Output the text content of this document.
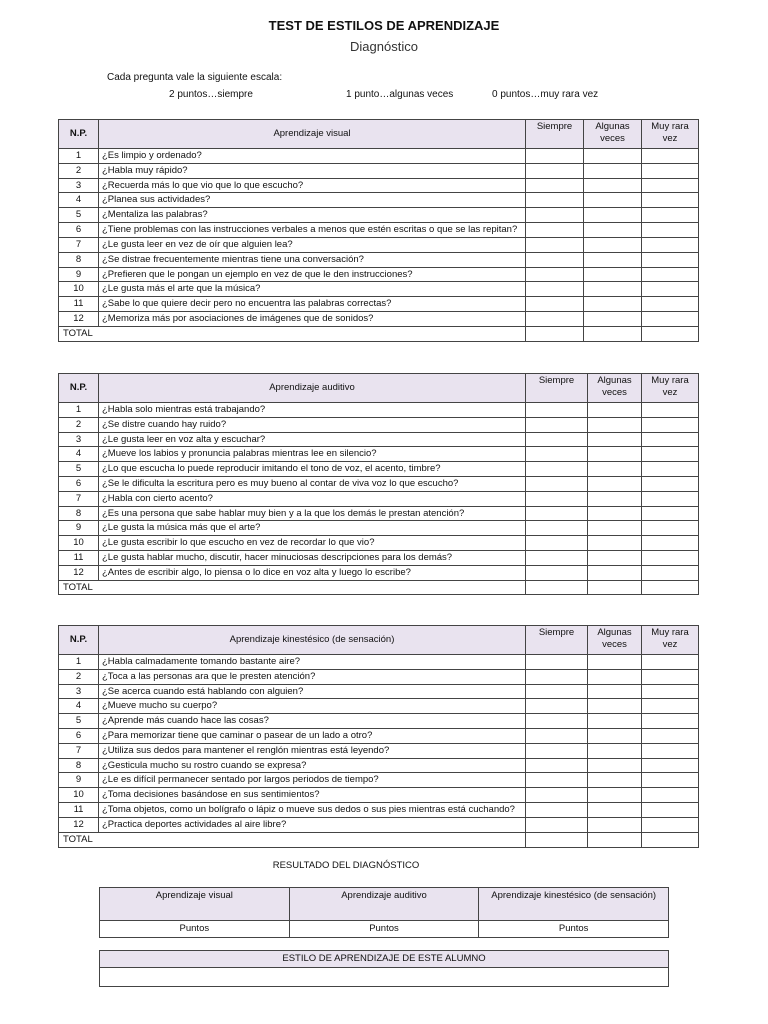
TEST DE ESTILOS DE APRENDIZAJE
Diagnóstico
Cada pregunta vale la siguiente escala:
2 puntos…siempre	1 punto…algunas veces	0 puntos…muy rara vez
N.P.	Aprendizaje visual	Siempre	Algunas veces	Muy rara vez
1	¿Es limpio y ordenado?			
2	¿Habla muy rápido?			
3	¿Recuerda más lo que vio que lo que escucho?			
4	¿Planea sus actividades?			
5	¿Mentaliza las palabras?			
6	¿Tiene problemas con las instrucciones verbales a menos que estén escritas o que se las repitan?			
7	¿Le gusta leer en vez de oír que alguien lea?			
8	¿Se distrae frecuentemente mientras tiene una conversación?			
9	¿Prefieren que le pongan un ejemplo en vez de que le den instrucciones?			
10	¿Le gusta más el arte que la música?			
11	¿Sabe lo que quiere decir pero no encuentra las palabras correctas?			
12	¿Memoriza más por asociaciones de imágenes que de sonidos?			
TOTAL				
N.P.	Aprendizaje auditivo	Siempre	Algunas veces	Muy rara vez
1	¿Habla solo mientras está trabajando?			
2	¿Se distre cuando hay ruido?			
3	¿Le gusta leer en voz alta y escuchar?			
4	¿Mueve los labios y pronuncia palabras mientras lee en silencio?			
5	¿Lo que escucha lo puede reproducir imitando el tono de voz, el acento, timbre?			
6	¿Se le dificulta la escritura pero es muy bueno al contar de viva voz lo que escucho?			
7	¿Habla con cierto acento?			
8	¿Es una persona que sabe hablar muy bien y a la que los demás le prestan atención?			
9	¿Le gusta la música más que el arte?			
10	¿Le gusta escribir lo que escucho en vez de recordar lo que vio?			
11	¿Le gusta hablar mucho, discutir, hacer minuciosas descripciones para los demás?			
12	¿Antes de escribir algo, lo piensa o lo dice en voz alta y luego lo escribe?			
TOTAL				
N.P.	Aprendizaje kinestésico (de sensación)	Siempre	Algunas veces	Muy rara vez
1	¿Habla calmadamente tomando bastante aire?			
2	¿Toca a las personas ara que le presten atención?			
3	¿Se acerca cuando está hablando con alguien?			
4	¿Mueve mucho su cuerpo?			
5	¿Aprende más cuando hace las cosas?			
6	¿Para memorizar tiene que caminar o pasear de un lado a otro?			
7	¿Utiliza sus dedos para mantener el renglón mientras está leyendo?			
8	¿Gesticula mucho su rostro cuando se expresa?			
9	¿Le es difícil permanecer sentado por largos periodos de tiempo?			
10	¿Toma decisiones basándose en sus sentimientos?			
11	¿Toma objetos, como un bolígrafo o lápiz o mueve sus dedos o sus pies mientras está cuchando?			
12	¿Practica deportes actividades al aire libre?			
TOTAL				
RESULTADO DEL DIAGNÓSTICO
Aprendizaje visual	Aprendizaje auditivo	Aprendizaje kinestésico (de sensación)
Puntos	Puntos	Puntos
ESTILO DE APRENDIZAJE DE ESTE ALUMNO
